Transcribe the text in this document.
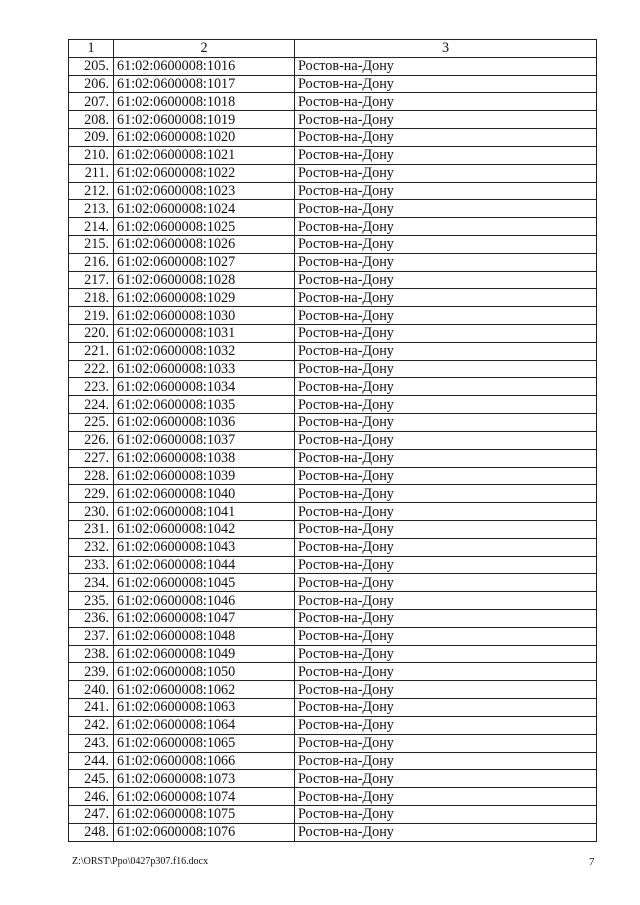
1	2	3
205.	61:02:0600008:1016	Ростов-на-Дону
206.	61:02:0600008:1017	Ростов-на-Дону
207.	61:02:0600008:1018	Ростов-на-Дону
208.	61:02:0600008:1019	Ростов-на-Дону
209.	61:02:0600008:1020	Ростов-на-Дону
210.	61:02:0600008:1021	Ростов-на-Дону
211.	61:02:0600008:1022	Ростов-на-Дону
212.	61:02:0600008:1023	Ростов-на-Дону
213.	61:02:0600008:1024	Ростов-на-Дону
214.	61:02:0600008:1025	Ростов-на-Дону
215.	61:02:0600008:1026	Ростов-на-Дону
216.	61:02:0600008:1027	Ростов-на-Дону
217.	61:02:0600008:1028	Ростов-на-Дону
218.	61:02:0600008:1029	Ростов-на-Дону
219.	61:02:0600008:1030	Ростов-на-Дону
220.	61:02:0600008:1031	Ростов-на-Дону
221.	61:02:0600008:1032	Ростов-на-Дону
222.	61:02:0600008:1033	Ростов-на-Дону
223.	61:02:0600008:1034	Ростов-на-Дону
224.	61:02:0600008:1035	Ростов-на-Дону
225.	61:02:0600008:1036	Ростов-на-Дону
226.	61:02:0600008:1037	Ростов-на-Дону
227.	61:02:0600008:1038	Ростов-на-Дону
228.	61:02:0600008:1039	Ростов-на-Дону
229.	61:02:0600008:1040	Ростов-на-Дону
230.	61:02:0600008:1041	Ростов-на-Дону
231.	61:02:0600008:1042	Ростов-на-Дону
232.	61:02:0600008:1043	Ростов-на-Дону
233.	61:02:0600008:1044	Ростов-на-Дону
234.	61:02:0600008:1045	Ростов-на-Дону
235.	61:02:0600008:1046	Ростов-на-Дону
236.	61:02:0600008:1047	Ростов-на-Дону
237.	61:02:0600008:1048	Ростов-на-Дону
238.	61:02:0600008:1049	Ростов-на-Дону
239.	61:02:0600008:1050	Ростов-на-Дону
240.	61:02:0600008:1062	Ростов-на-Дону
241.	61:02:0600008:1063	Ростов-на-Дону
242.	61:02:0600008:1064	Ростов-на-Дону
243.	61:02:0600008:1065	Ростов-на-Дону
244.	61:02:0600008:1066	Ростов-на-Дону
245.	61:02:0600008:1073	Ростов-на-Дону
246.	61:02:0600008:1074	Ростов-на-Дону
247.	61:02:0600008:1075	Ростов-на-Дону
248.	61:02:0600008:1076	Ростов-на-Дону
Z:\ORST\Ppo\0427p307.f16.docx	7
